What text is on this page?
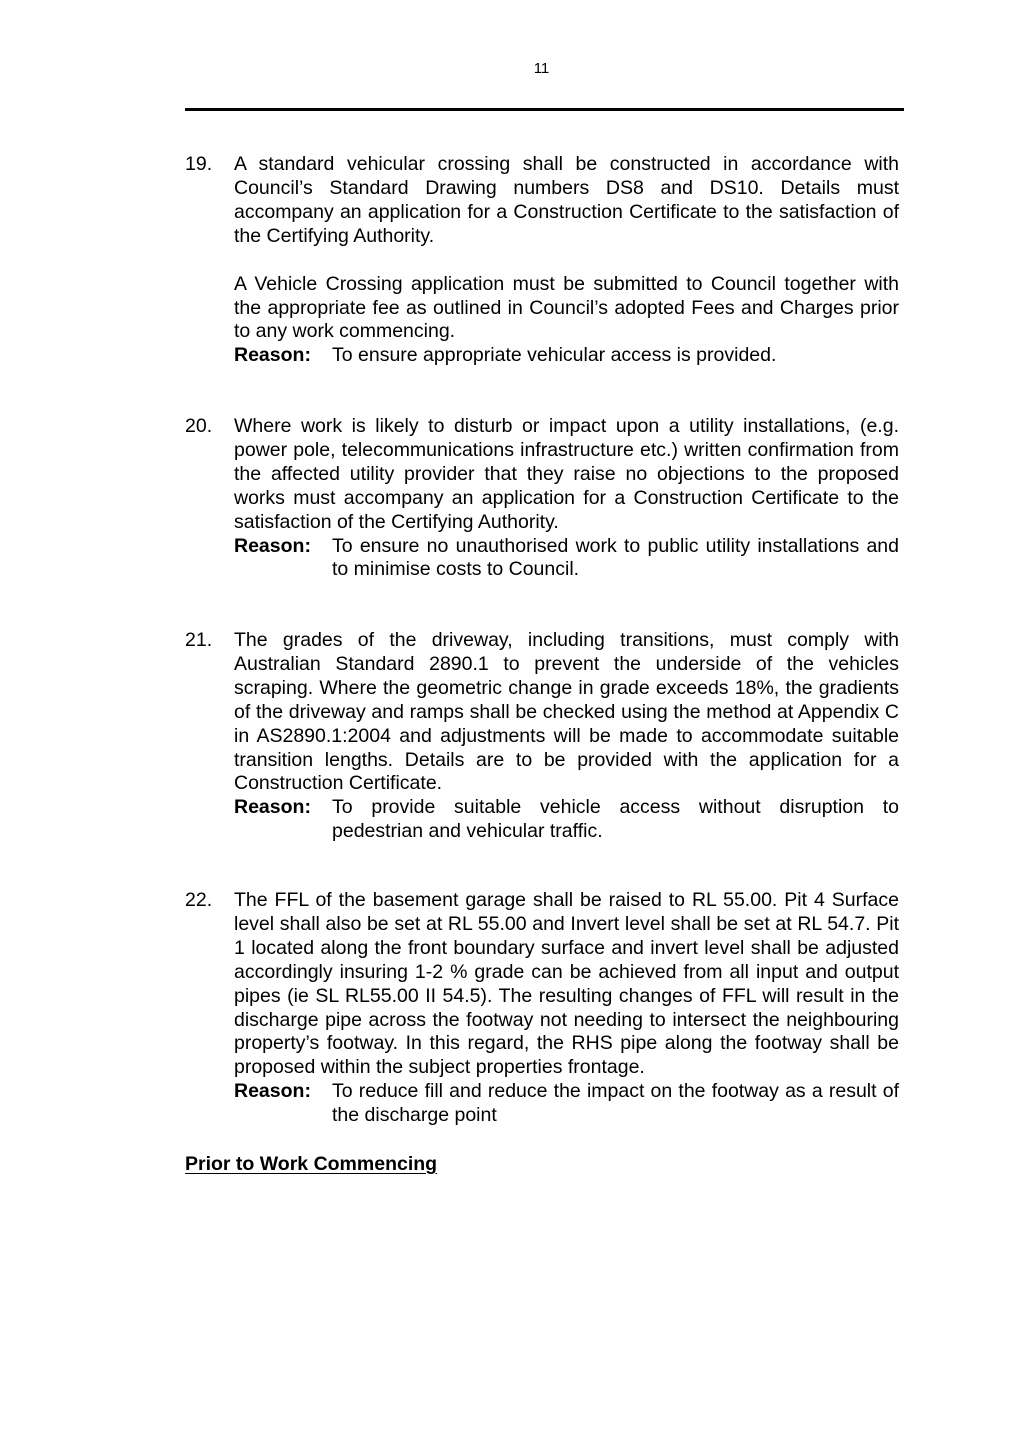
11
19.	A standard vehicular crossing shall be constructed in accordance with Council’s Standard Drawing numbers DS8 and DS10. Details must accompany an application for a Construction Certificate to the satisfaction of the Certifying Authority.

A Vehicle Crossing application must be submitted to Council together with the appropriate fee as outlined in Council’s adopted Fees and Charges prior to any work commencing.

Reason:	To ensure appropriate vehicular access is provided.
20.	Where work is likely to disturb or impact upon a utility installations, (e.g. power pole, telecommunications infrastructure etc.) written confirmation from the affected utility provider that they raise no objections to the proposed works must accompany an application for a Construction Certificate to the satisfaction of the Certifying Authority.

Reason:	To ensure no unauthorised work to public utility installations and to minimise costs to Council.
21.	The grades of the driveway, including transitions, must comply with Australian Standard 2890.1 to prevent the underside of the vehicles scraping. Where the geometric change in grade exceeds 18%, the gradients of the driveway and ramps shall be checked using the method at Appendix C in AS2890.1:2004 and adjustments will be made to accommodate suitable transition lengths. Details are to be provided with the application for a Construction Certificate.

Reason:	To provide suitable vehicle access without disruption to pedestrian and vehicular traffic.
22.	The FFL of the basement garage shall be raised to RL 55.00. Pit 4 Surface level shall also be set at RL 55.00 and Invert level shall be set at RL 54.7. Pit 1 located along the front boundary surface and invert level shall be adjusted accordingly insuring 1-2 % grade can be achieved from all input and output pipes (ie SL RL55.00 II 54.5). The resulting changes of FFL will result in the discharge pipe across the footway not needing to intersect the neighbouring property’s footway. In this regard, the RHS pipe along the footway shall be proposed within the subject properties frontage.

Reason:	To reduce fill and reduce the impact on the footway as a result of the discharge point
Prior to Work Commencing
